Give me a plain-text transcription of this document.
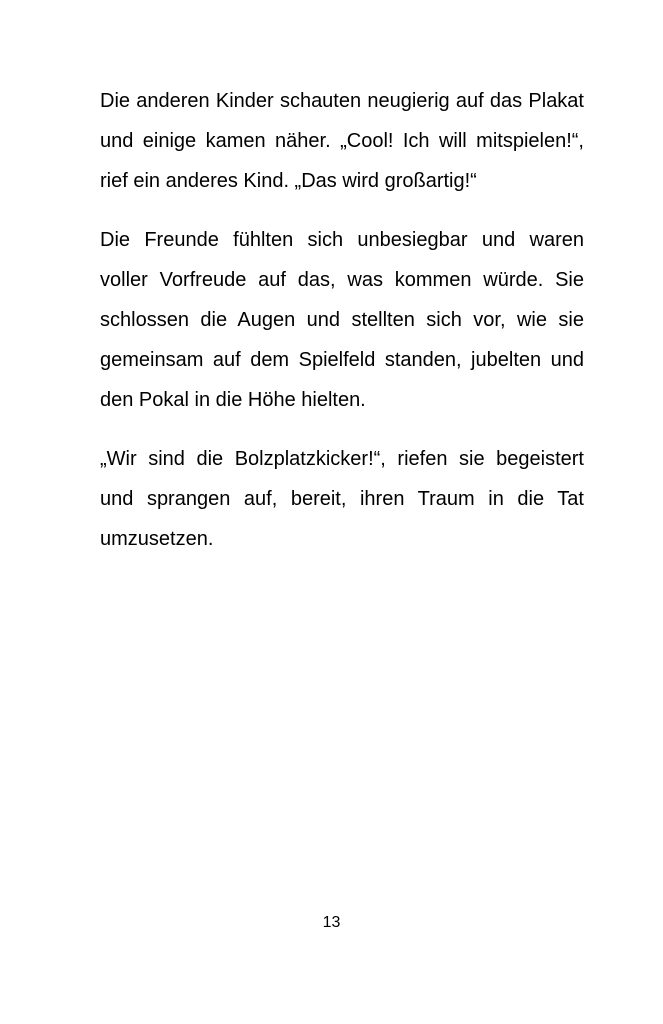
Die anderen Kinder schauten neugierig auf das Plakat und einige kamen näher. „Cool! Ich will mitspielen!“, rief ein anderes Kind. „Das wird großartig!“

Die Freunde fühlten sich unbesiegbar und waren voller Vorfreude auf das, was kommen würde. Sie schlossen die Augen und stellten sich vor, wie sie gemeinsam auf dem Spielfeld standen, jubelten und den Pokal in die Höhe hielten.

„Wir sind die Bolzplatzkicker!“, riefen sie begeistert und sprangen auf, bereit, ihren Traum in die Tat umzusetzen.

13
